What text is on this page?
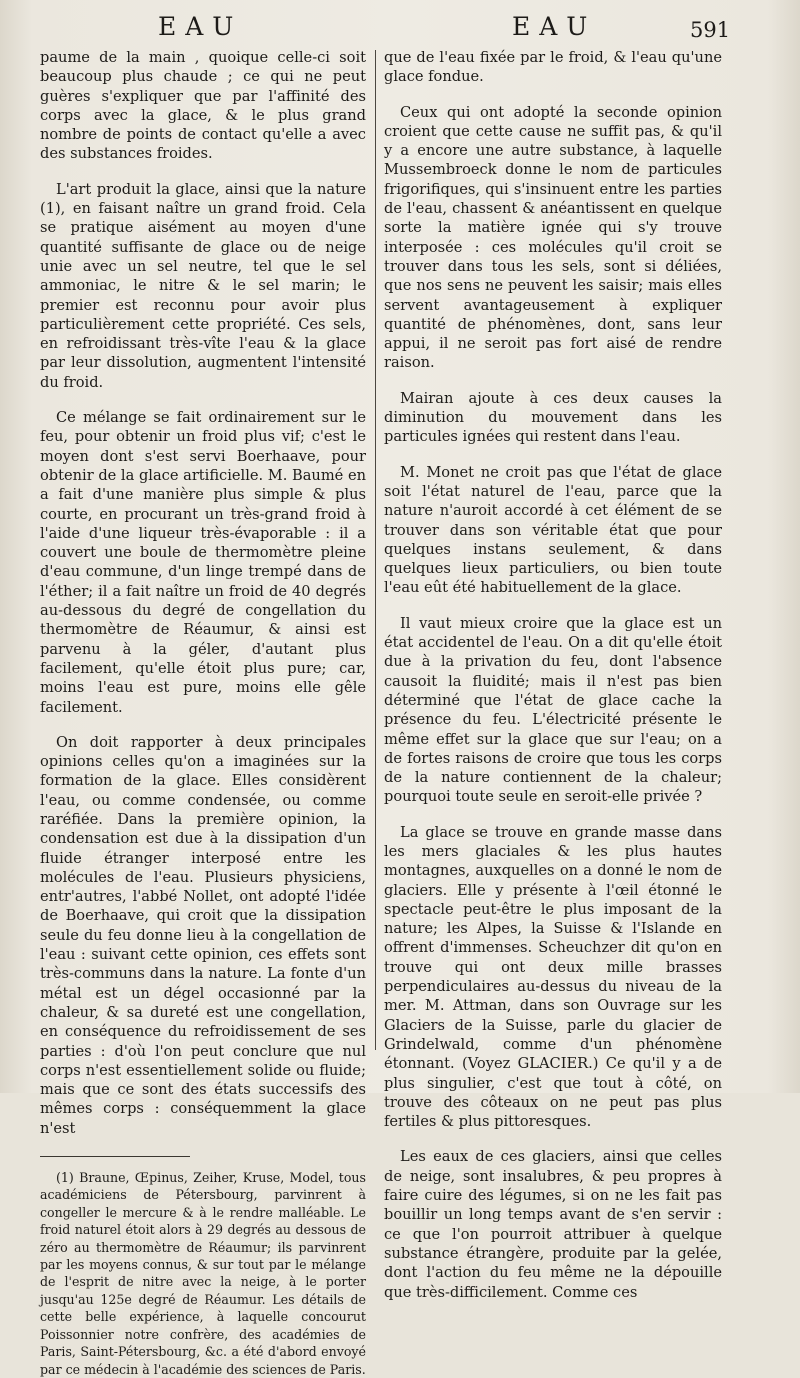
EAU	EAU	591

paume de la main , quoique celle-ci soit beaucoup plus chaude ; ce qui ne peut guères s'expliquer que par l'affinité des corps avec la glace, & le plus grand nombre de points de contact qu'elle a avec des substances froides.

L'art produit la glace, ainsi que la nature (1), en faisant naître un grand froid. Cela se pratique aisément au moyen d'une quantité suffisante de glace ou de neige unie avec un sel neutre, tel que le sel ammoniac, le nitre & le sel marin; le premier est reconnu pour avoir plus particulièrement cette propriété. Ces sels, en refroidissant très-vîte l'eau & la glace par leur dissolution, augmentent l'intensité du froid.

Ce mélange se fait ordinairement sur le feu, pour obtenir un froid plus vif; c'est le moyen dont s'est servi Boerhaave, pour obtenir de la glace artificielle. M. Baumé en a fait d'une manière plus simple & plus courte, en procurant un très-grand froid à l'aide d'une liqueur très-évaporable : il a couvert une boule de thermomètre pleine d'eau commune, d'un linge trempé dans de l'éther; il a fait naître un froid de 40 degrés au-dessous du degré de congellation du thermomètre de Réaumur, & ainsi est parvenu à la géler, d'autant plus facilement, qu'elle étoit plus pure; car, moins l'eau est pure, moins elle gêle facilement.

On doit rapporter à deux principales opinions celles qu'on a imaginées sur la formation de la glace. Elles considèrent l'eau, ou comme condensée, ou comme raréfiée. Dans la première opinion, la condensation est due à la dissipation d'un fluide étranger interposé entre les molécules de l'eau. Plusieurs physiciens, entr'autres, l'abbé Nollet, ont adopté l'idée de Boerhaave, qui croit que la dissipation seule du feu donne lieu à la congellation de l'eau : suivant cette opinion, ces effets sont très-communs dans la nature. La fonte d'un métal est un dégel occasionné par la chaleur, & sa dureté est une congellation, en conséquence du refroidissement de ses parties : d'où l'on peut conclure que nul corps n'est essentiellement solide ou fluide; mais que ce sont des états successifs des mêmes corps : conséquemment la glace n'est

(1) Braune, Œpinus, Zeiher, Kruse, Model, tous académiciens de Pétersbourg, parvinrent à congeller le mercure & à le rendre malléable. Le froid naturel étoit alors à 29 degrés au dessous de zéro au thermomètre de Réaumur; ils parvinrent par les moyens connus, & sur tout par le mélange de l'esprit de nitre avec la neige, à le porter jusqu'au 125e degré de Réaumur. Les détails de cette belle expérience, à laquelle concourut Poissonnier notre confrère, des académies de Paris, Saint-Pétersbourg, &c. a été d'abord envoyé par ce médecin à l'académie des sciences de Paris.

que de l'eau fixée par le froid, & l'eau qu'une glace fondue.

Ceux qui ont adopté la seconde opinion croient que cette cause ne suffit pas, & qu'il y a encore une autre substance, à laquelle Mussembroeck donne le nom de particules frigorifiques, qui s'insinuent entre les parties de l'eau, chassent & anéantissent en quelque sorte la matière ignée qui s'y trouve interposée : ces molécules qu'il croit se trouver dans tous les sels, sont si déliées, que nos sens ne peuvent les saisir; mais elles servent avantageusement à expliquer quantité de phénomènes, dont, sans leur appui, il ne seroit pas fort aisé de rendre raison.

Mairan ajoute à ces deux causes la diminution du mouvement dans les particules ignées qui restent dans l'eau.

M. Monet ne croit pas que l'état de glace soit l'état naturel de l'eau, parce que la nature n'auroit accordé à cet élément de se trouver dans son véritable état que pour quelques instans seulement, & dans quelques lieux particuliers, ou bien toute l'eau eût été habituellement de la glace.

Il vaut mieux croire que la glace est un état accidentel de l'eau. On a dit qu'elle étoit due à la privation du feu, dont l'absence causoit la fluidité; mais il n'est pas bien déterminé que l'état de glace cache la présence du feu. L'électricité présente le même effet sur la glace que sur l'eau; on a de fortes raisons de croire que tous les corps de la nature contiennent de la chaleur; pourquoi toute seule en seroit-elle privée ?

La glace se trouve en grande masse dans les mers glaciales & les plus hautes montagnes, auxquelles on a donné le nom de glaciers. Elle y présente à l'œil étonné le spectacle peut-être le plus imposant de la nature; les Alpes, la Suisse & l'Islande en offrent d'immenses. Scheuchzer dit qu'on en trouve qui ont deux mille brasses perpendiculaires au-dessus du niveau de la mer. M. Attman, dans son Ouvrage sur les Glaciers de la Suisse, parle du glacier de Grindelwald, comme d'un phénomène étonnant. (Voyez GLACIER.) Ce qu'il y a de plus singulier, c'est que tout à côté, on trouve des côteaux on ne peut pas plus fertiles & plus pittoresques.

Les eaux de ces glaciers, ainsi que celles de neige, sont insalubres, & peu propres à faire cuire des légumes, si on ne les fait pas bouillir un long temps avant de s'en servir : ce que l'on pourroit attribuer à quelque substance étrangère, produite par la gelée, dont l'action du feu même ne la dépouille que très-difficilement. Comme ces
